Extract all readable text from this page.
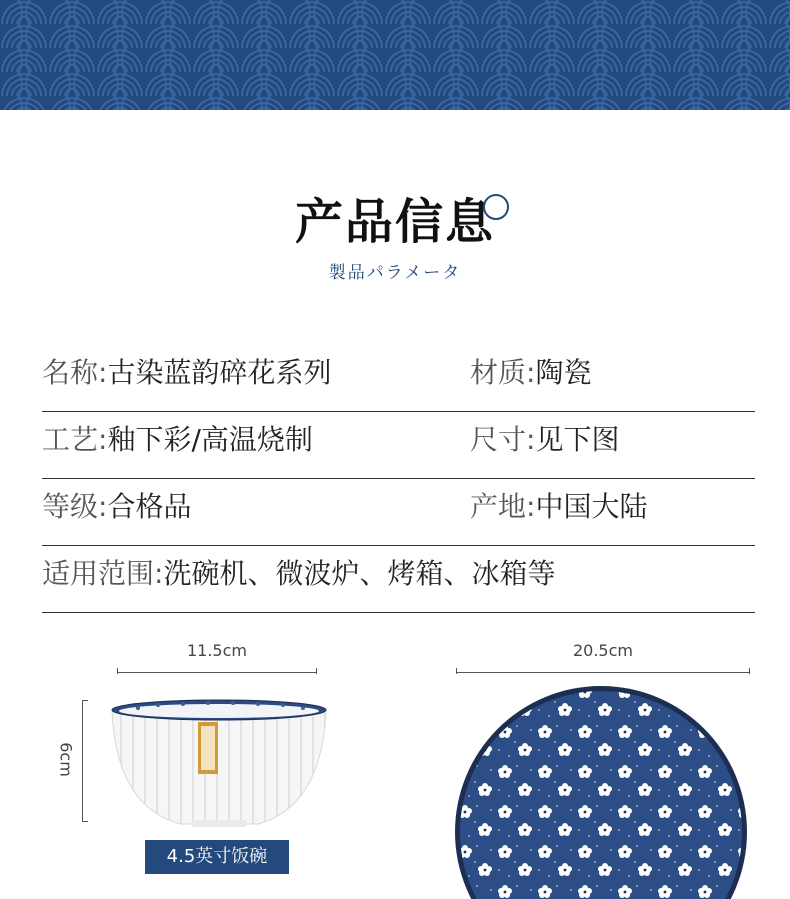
产品信息
製品パラメータ
名称:古染蓝韵碎花系列	材质:陶瓷
工艺:釉下彩/高温烧制	尺寸:见下图
等级:合格品	产地:中国大陆
适用范围:洗碗机、微波炉、烤箱、冰箱等
11.5cm
6cm
4.5英寸饭碗
20.5cm
